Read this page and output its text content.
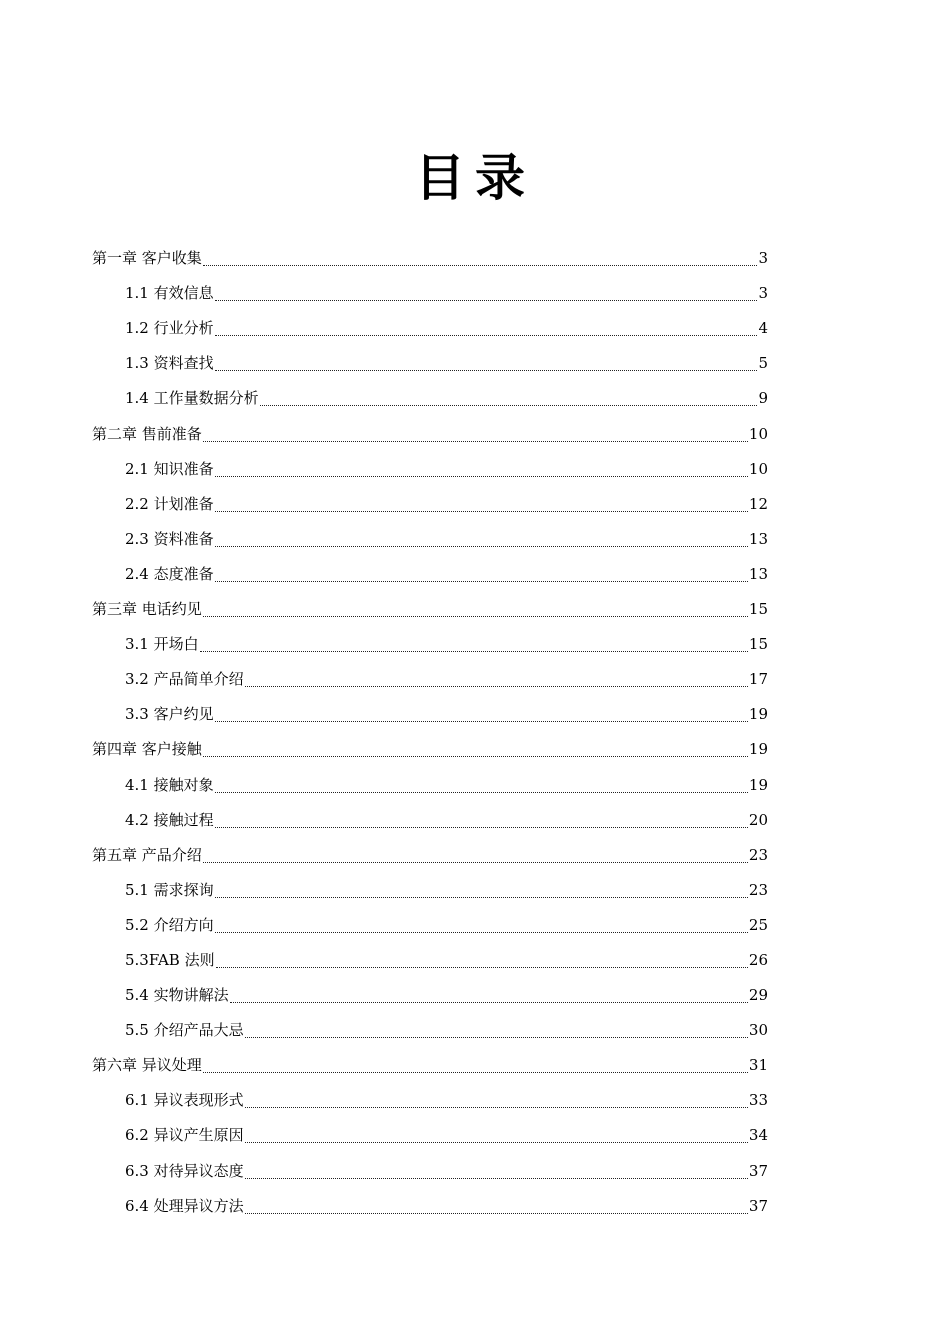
目录
第一章 客户收集	3
1.1 有效信息	3
1.2 行业分析	4
1.3 资料查找	5
1.4 工作量数据分析	9
第二章 售前准备	10
2.1 知识准备	10
2.2 计划准备	12
2.3 资料准备	13
2.4 态度准备	13
第三章 电话约见	15
3.1 开场白	15
3.2 产品简单介绍	17
3.3 客户约见	19
第四章 客户接触	19
4.1 接触对象	19
4.2 接触过程	20
第五章 产品介绍	23
5.1 需求探询	23
5.2 介绍方向	25
5.3FAB 法则	26
5.4 实物讲解法	29
5.5 介绍产品大忌	30
第六章 异议处理	31
6.1 异议表现形式	33
6.2 异议产生原因	34
6.3 对待异议态度	37
6.4 处理异议方法	37
